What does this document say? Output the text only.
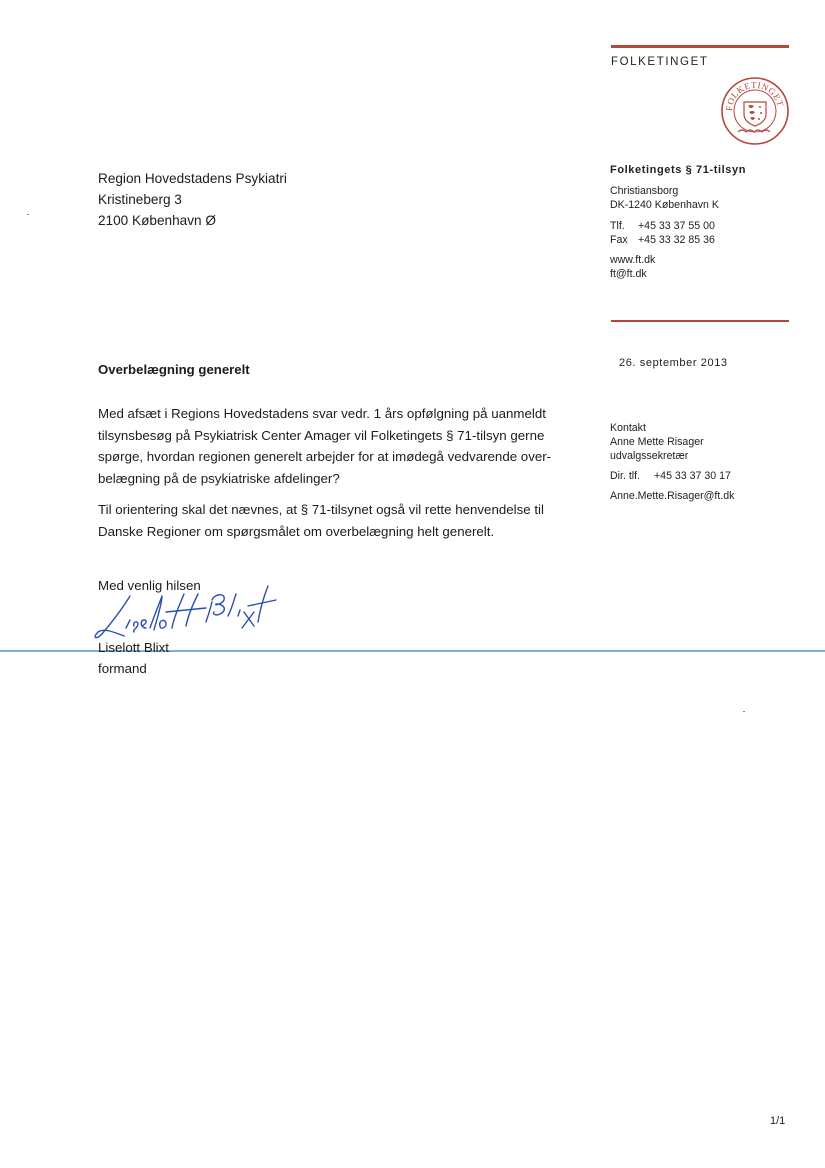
FOLKETINGET
FOLKETINGET
Region Hovedstadens Psykiatri
Kristineberg 3
2100 København Ø
Folketingets § 71-tilsyn
Christiansborg
DK-1240 København K
Tlf.	+45 33 37 55 00
Fax +45 33 32 85 36
www.ft.dk
ft@ft.dk
26. september 2013
Kontakt
Anne Mette Risager
udvalgssekretær
Dir. tlf.	+45 33 37 30 17
Anne.Mette.Risager@ft.dk
Overbelægning generelt
Med afsæt i Regions Hovedstadens svar vedr. 1 års opfølgning på uanmeldt
tilsynsbesøg på Psykiatrisk Center Amager vil Folketingets § 71-tilsyn gerne
spørge, hvordan regionen generelt arbejder for at imødegå vedvarende over-
belægning på de psykiatriske afdelinger?
Til orientering skal det nævnes, at § 71-tilsynet også vil rette henvendelse til
Danske Regioner om spørgsmålet om overbelægning helt generelt.
Med venlig hilsen
Liselott Blixt
formand
1/1
